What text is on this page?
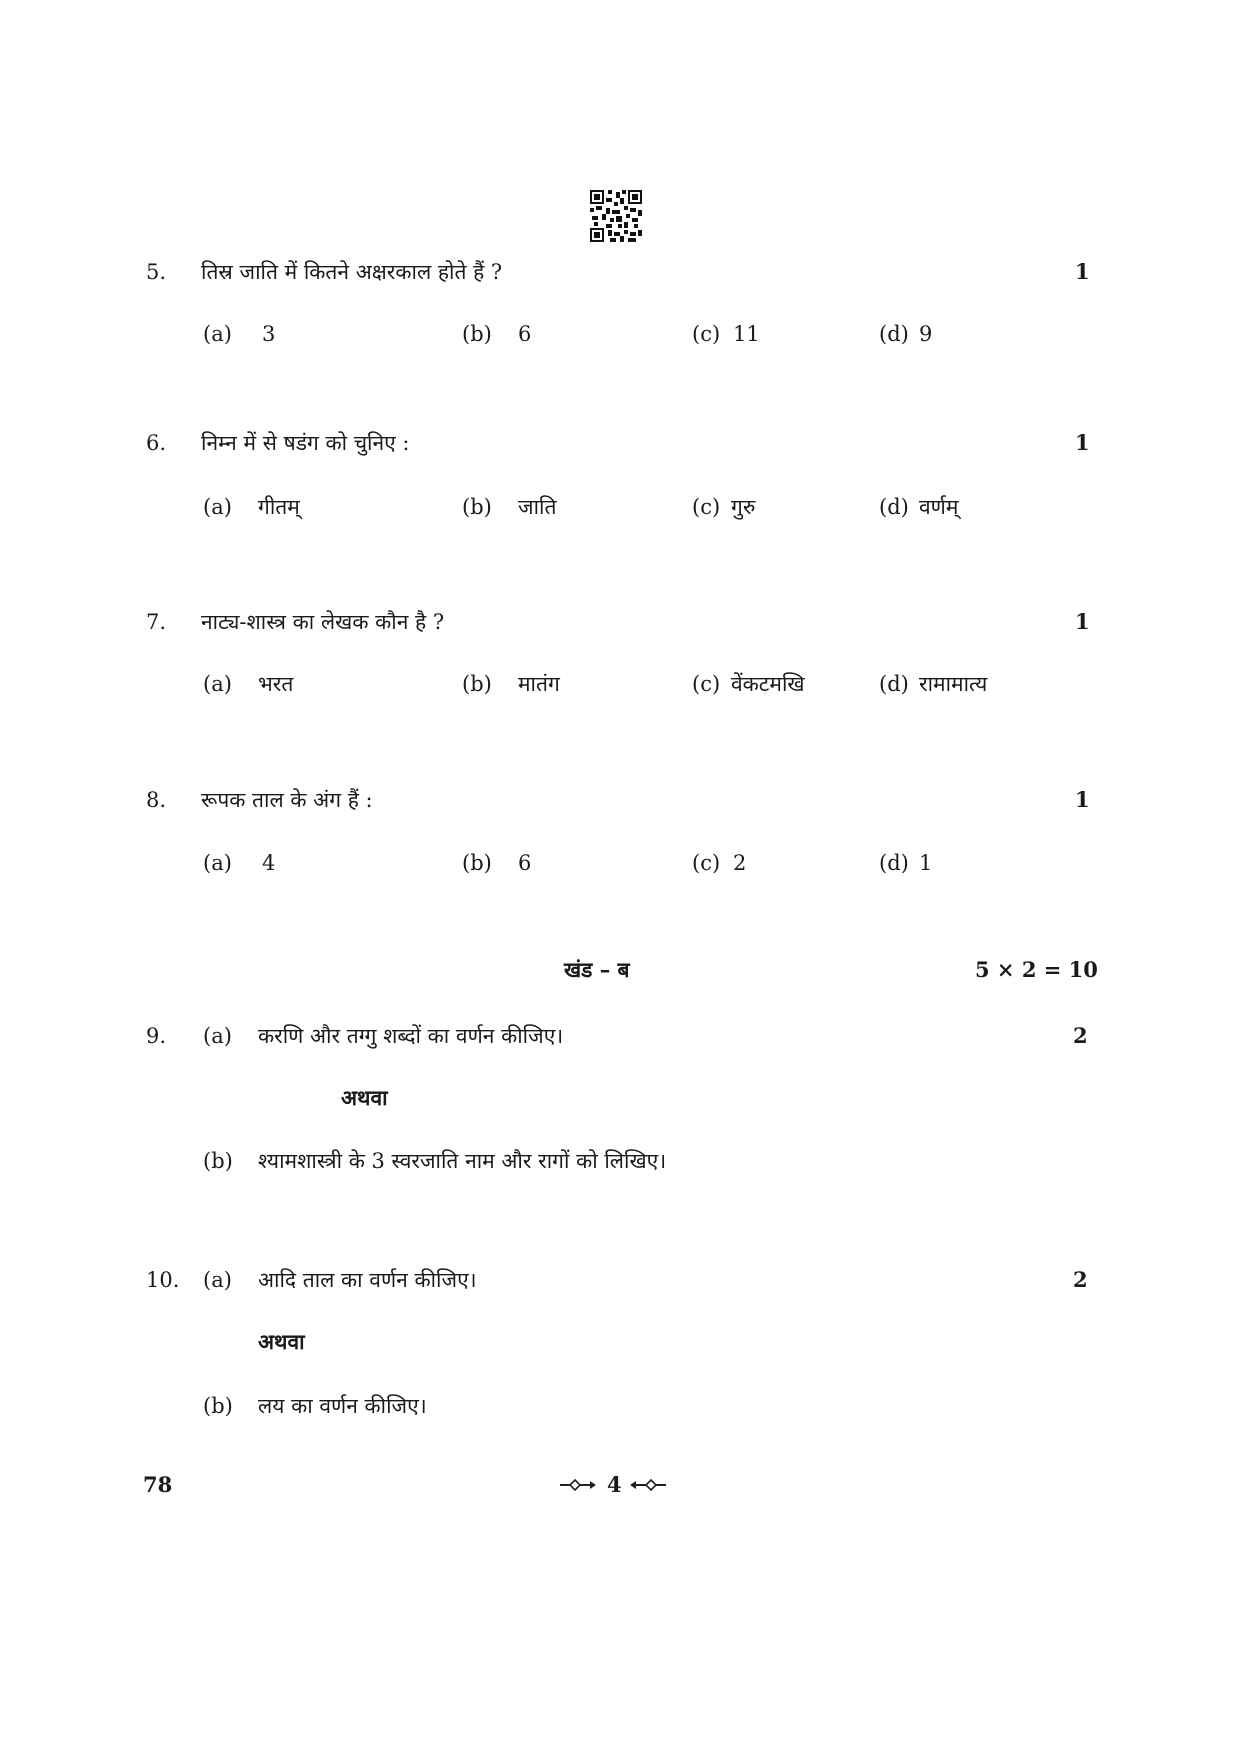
5. तिस्र जाति में कितने अक्षरकाल होते हैं ?	1
(a) 3	(b) 6	(c) 11	(d) 9
6. निम्न में से षडंग को चुनिए :	1
(a) गीतम्	(b) जाति	(c) गुरु	(d) वर्णम्
7. नाट्य-शास्त्र का लेखक कौन है ?	1
(a) भरत	(b) मातंग	(c) वेंकटमखि	(d) रामामात्य
8. रूपक ताल के अंग हैं :	1
(a) 4	(b) 6	(c) 2	(d) 1
खंड – ब	5 × 2 = 10
9. (a) करणि और तग्गु शब्दों का वर्णन कीजिए।	2
अथवा
(b) श्यामशास्त्री के 3 स्वरजाति नाम और रागों को लिखिए।
10. (a) आदि ताल का वर्णन कीजिए।	2
अथवा
(b) लय का वर्णन कीजिए।
78	4
